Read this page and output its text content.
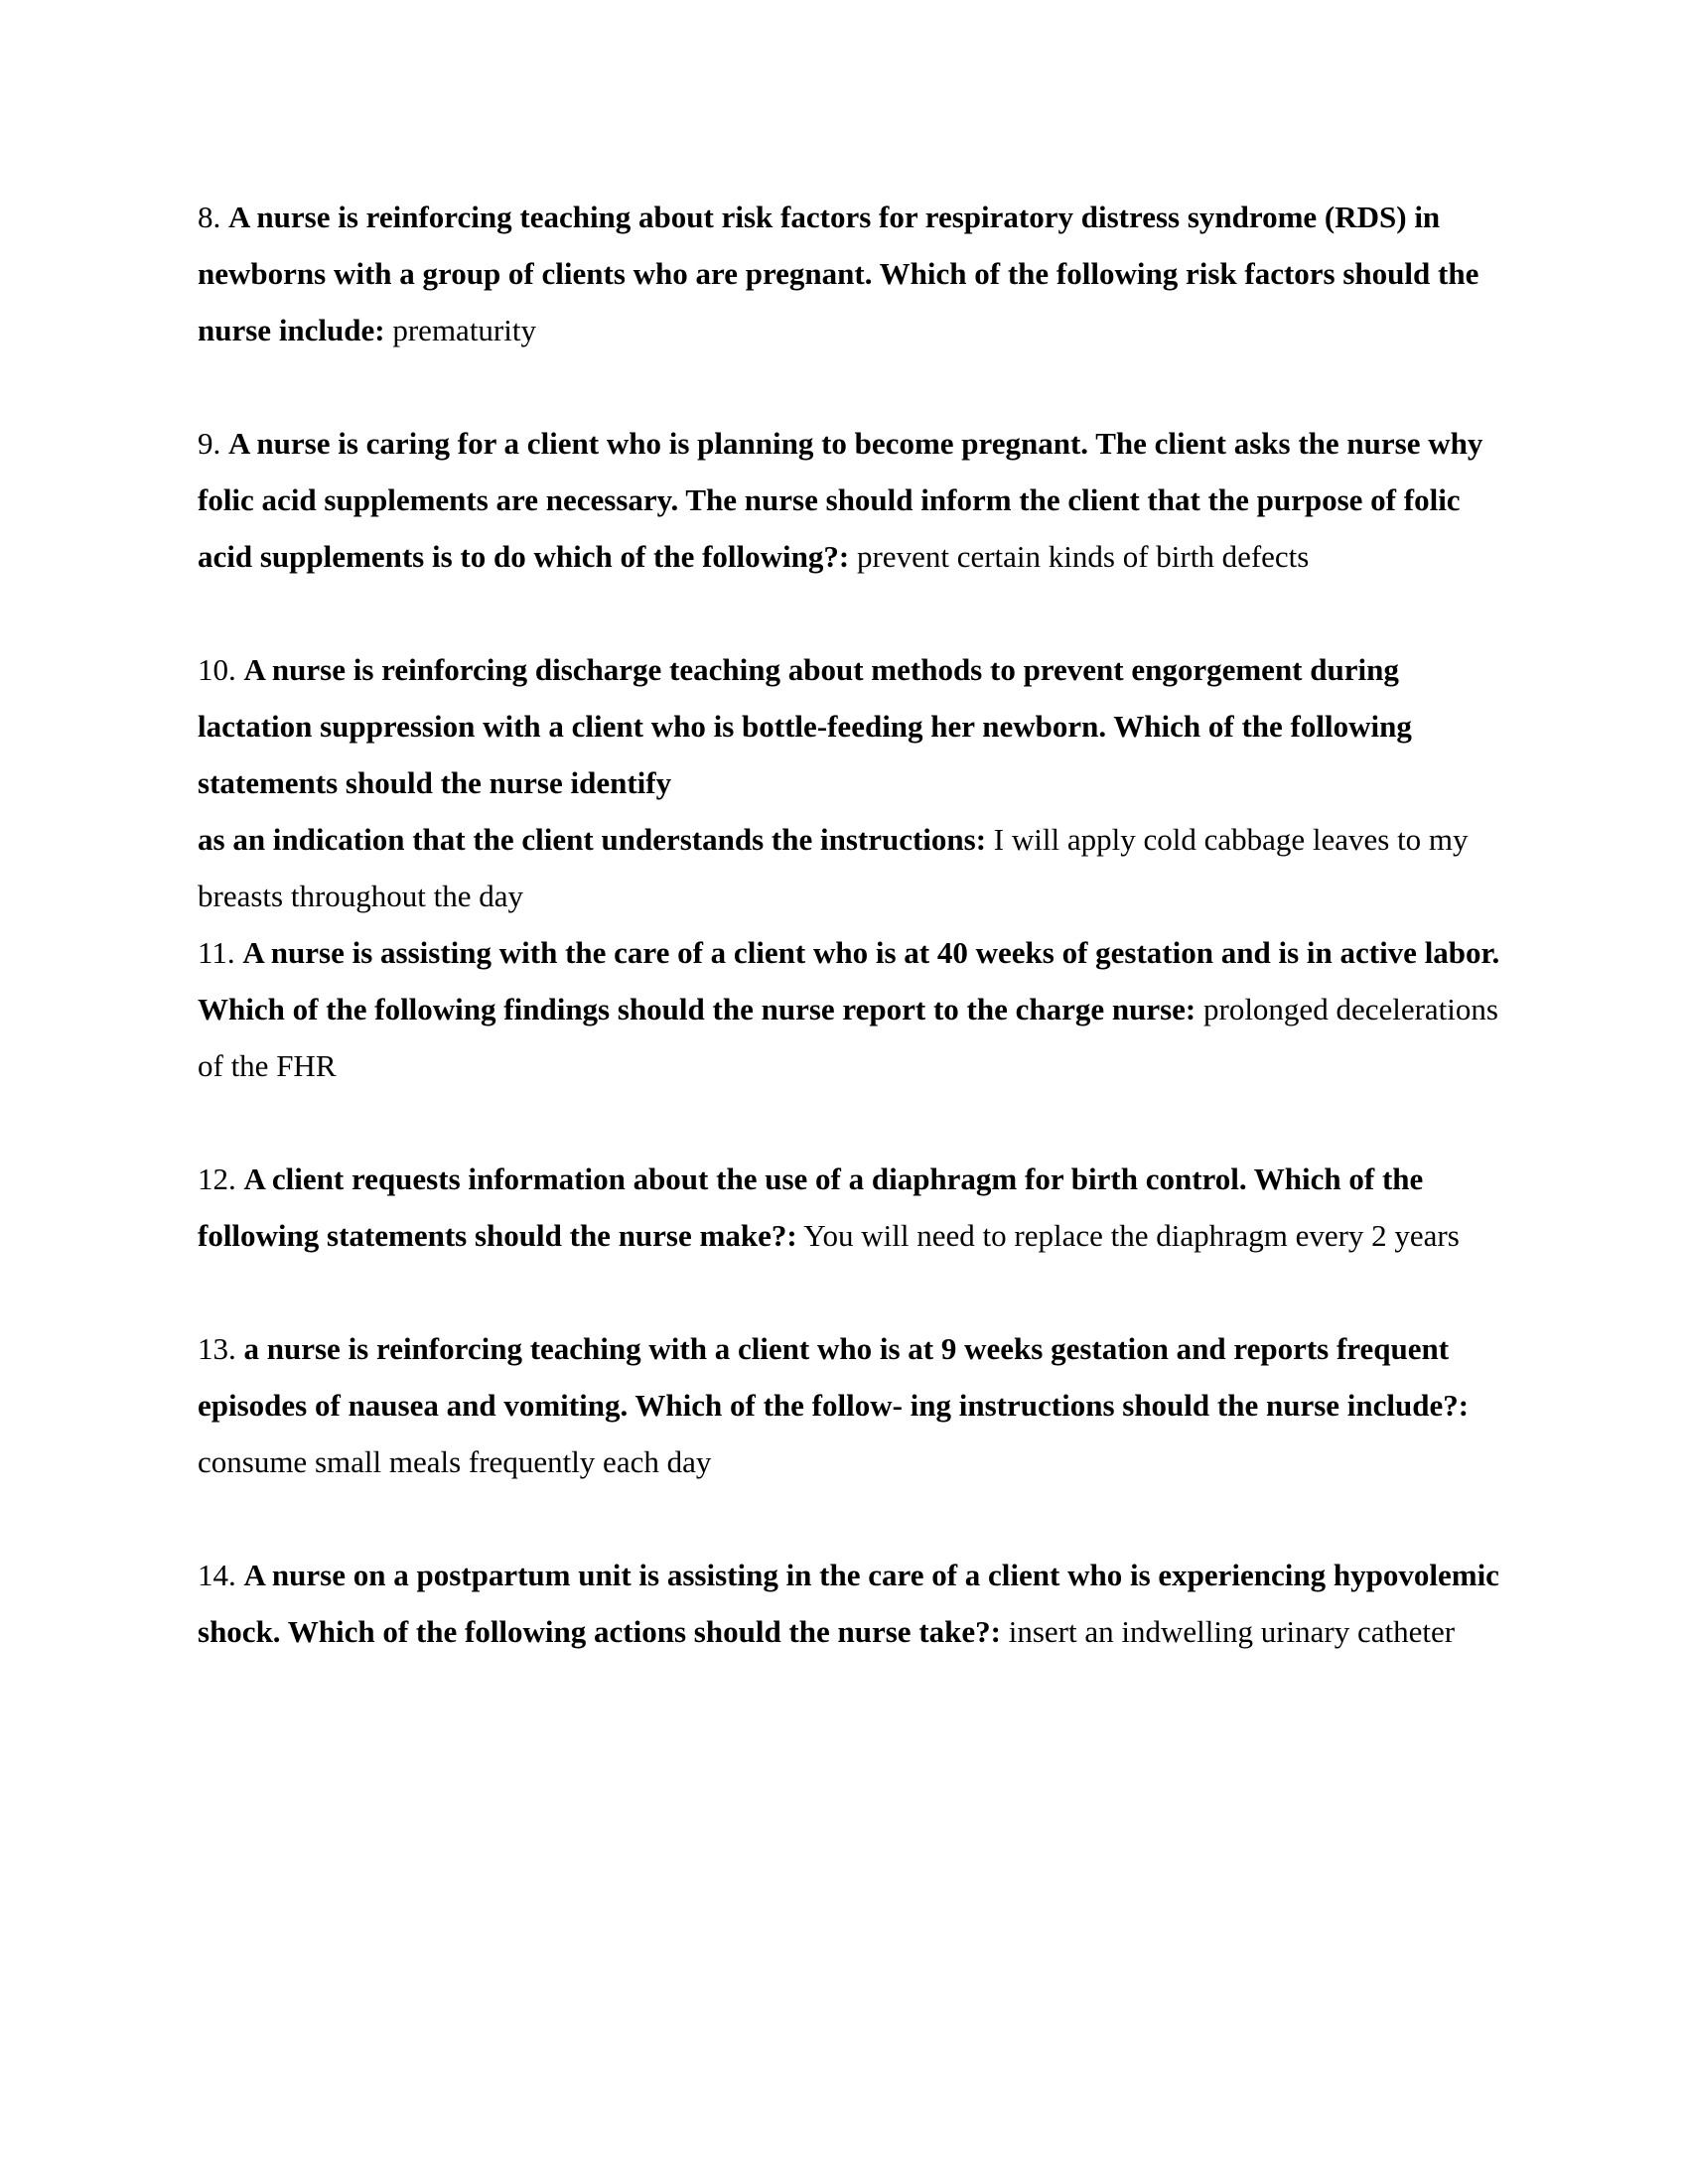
8. A nurse is reinforcing teaching about risk factors for respiratory distress syndrome (RDS) in newborns with a group of clients who are pregnant. Which of the following risk factors should the nurse include: prematurity

9. A nurse is caring for a client who is planning to become pregnant. The client asks the nurse why folic acid supplements are necessary. The nurse should inform the client that the purpose of folic acid supplements is to do which of the following?: prevent certain kinds of birth defects

10. A nurse is reinforcing discharge teaching about methods to prevent engorgement during lactation suppression with a client who is bottle-feeding her newborn. Which of the following statements should the nurse identify
as an indication that the client understands the instructions: I will apply cold cabbage leaves to my breasts throughout the day

11. A nurse is assisting with the care of a client who is at 40 weeks of gestation and is in active labor. Which of the following findings should the nurse report to the charge nurse: prolonged decelerations of the FHR

12. A client requests information about the use of a diaphragm for birth control. Which of the following statements should the nurse make?: You will need to replace the diaphragm every 2 years

13. a nurse is reinforcing teaching with a client who is at 9 weeks gestation and reports frequent episodes of nausea and vomiting. Which of the follow- ing instructions should the nurse include?: consume small meals frequently each day

14. A nurse on a postpartum unit is assisting in the care of a client who is experiencing hypovolemic shock. Which of the following actions should the nurse take?: insert an indwelling urinary catheter
